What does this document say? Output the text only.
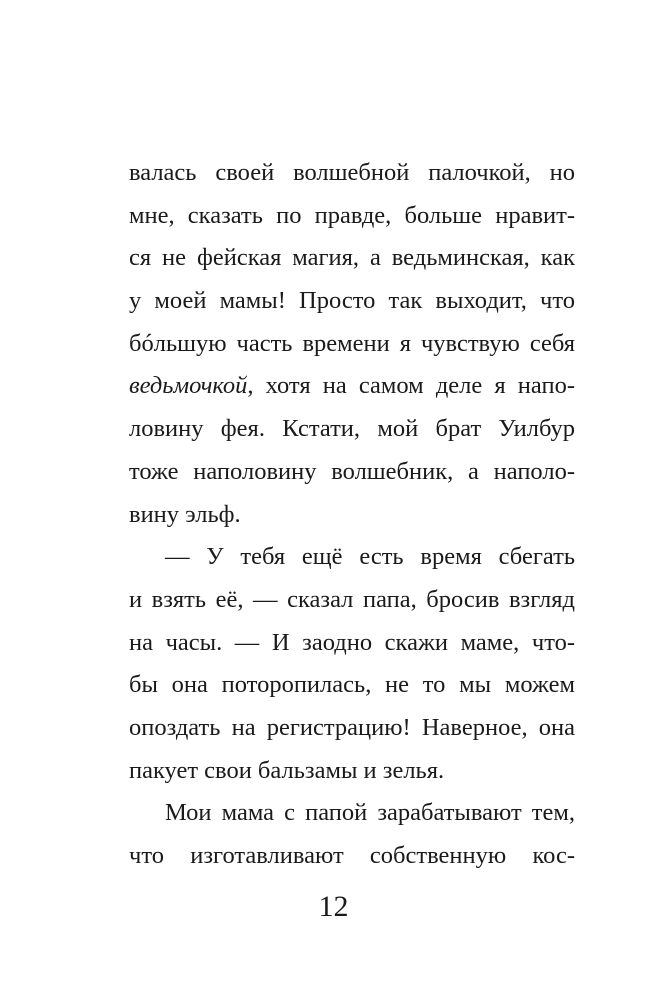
валась своей волшебной палочкой, но
мне, сказать по правде, больше нравит-
ся не фейская магия, а ведьминская, как
у моей мамы! Просто так выходит, что
бóльшую часть времени я чувствую себя
ведьмочкой, хотя на самом деле я напо-
ловину фея. Кстати, мой брат Уилбур
тоже наполовину волшебник, а наполо-
вину эльф.
— У тебя ещё есть время сбегать
и взять её, — сказал папа, бросив взгляд
на часы. — И заодно скажи маме, что-
бы она поторопилась, не то мы можем
опоздать на регистрацию! Наверное, она
пакует свои бальзамы и зелья.
Мои мама с папой зарабатывают тем,
что изготавливают собственную кос-
12
